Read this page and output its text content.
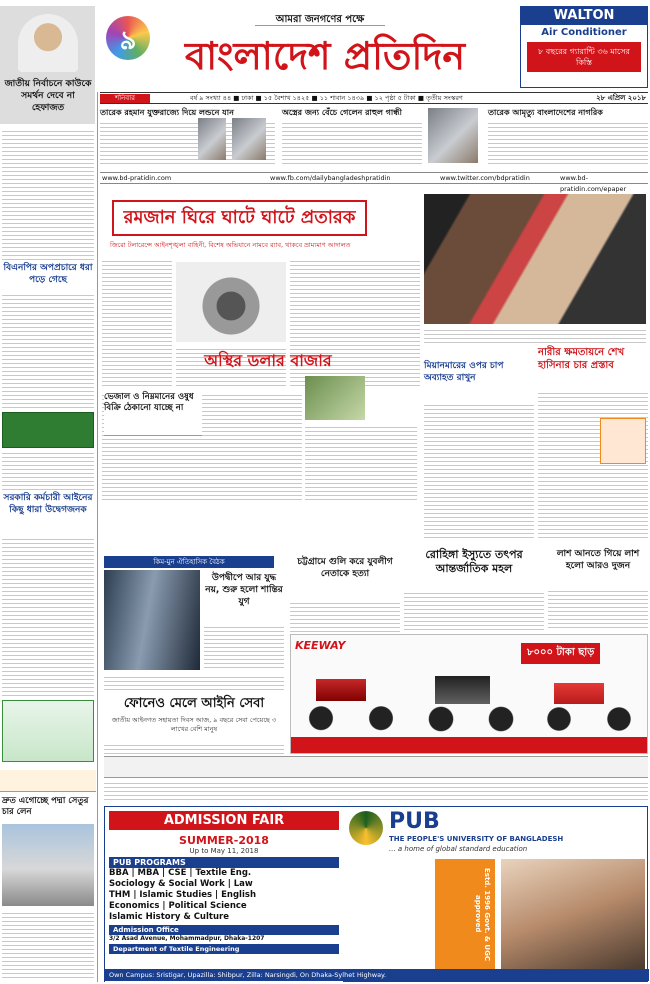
জাতীয় নির্বাচনে কাউকে সমর্থন দেবে না হেফাজত
৯
আমরা জনগণের পক্ষে
বাংলাদেশ প্রতিদিন
WALTON
Air Conditioner
৮ বছরের গ্যারান্টি ৩৬ মাসের কিস্তি
শনিবার	বর্ষ ৯ সংখ্যা ৪৪ ■ ঢাকা ■ ১৫ বৈশাখ ১৪২৫ ■ ১১ শাবান ১৪৩৯ ■ ১২ পৃষ্ঠা ৫ টাকা ■ তৃতীয় সংস্করণ	২৮ এপ্রিল ২০১৮
তারেক রহমান যুক্তরাজ্যে দিয়ে লন্ডনে যান	অস্ত্রের জন্য বেঁচে গেলেন রাহুল গান্ধী	তারেক আমৃত্যু বাংলাদেশের নাগরিক
www.bd-pratidin.com	www.fb.com/dailybangladeshpratidin	www.twitter.com/bdpratidin	www.bd-pratidin.com/epaper
বিএনপির অপপ্রচারে ধরা পড়ে গেছে
সরকারি কর্মচারী আইনের কিছু ধারা উদ্বেগজনক
দ্রুত এগোচ্ছে পদ্মা সেতুর চার লেন
রমজান ঘিরে ঘাটে ঘাটে প্রতারক
জিরো টলারেন্সে আইনশৃঙ্খলা বাহিনী, বিশেষ অভিযানে নামবে র‍্যাব, থাকবে ভ্রাম্যমাণ আদালত
অস্থির ডলার বাজার
ভেজাল ও নিম্নমানের ওষুধ বিক্রি ঠেকানো যাচ্ছে না
মিয়ানমারের ওপর চাপ অব্যাহত রাখুন
নারীর ক্ষমতায়নে শেখ হাসিনার চার প্রস্তাব
কিম-মুন ঐতিহাসিক বৈঠক
উপদ্বীপে আর যুদ্ধ নয়, শুরু হলো শান্তির যুগ
চট্টগ্রামে গুলি করে যুবলীগ নেতাকে হত্যা
রোহিঙ্গা ইস্যুতে তৎপর আন্তর্জাতিক মহল
লাশ আনতে গিয়ে লাশ হলো আরও দুজন
KEEWAY
৮০০০ টাকা ছাড়
ফোনেও মেলে আইনি সেবা
জাতীয় আইনগত সহায়তা দিবস আজ, ৯ বছরে সেবা পেয়েছে ৩ লাখের বেশি মানুষ
ADMISSION FAIR
SUMMER-2018
Up to May 11, 2018
PUB PROGRAMS
BBA | MBA | CSE | Textile Eng.
Sociology & Social Work | Law
THM | Islamic Studies | English
Economics | Political Science
Islamic History & Culture
Admission Office
3/2 Asad Avenue, Mohammadpur, Dhaka-1207
Department of Textile Engineering
Own Campus: Sristigar, Upazilla: Shibpur, Zilla: Narsingdi, On Dhaka-Sylhet Highway.
PUB
THE PEOPLE'S UNIVERSITY OF BANGLADESH
... a home of global standard education
Estd. 1996 Govt. & UGC approved
